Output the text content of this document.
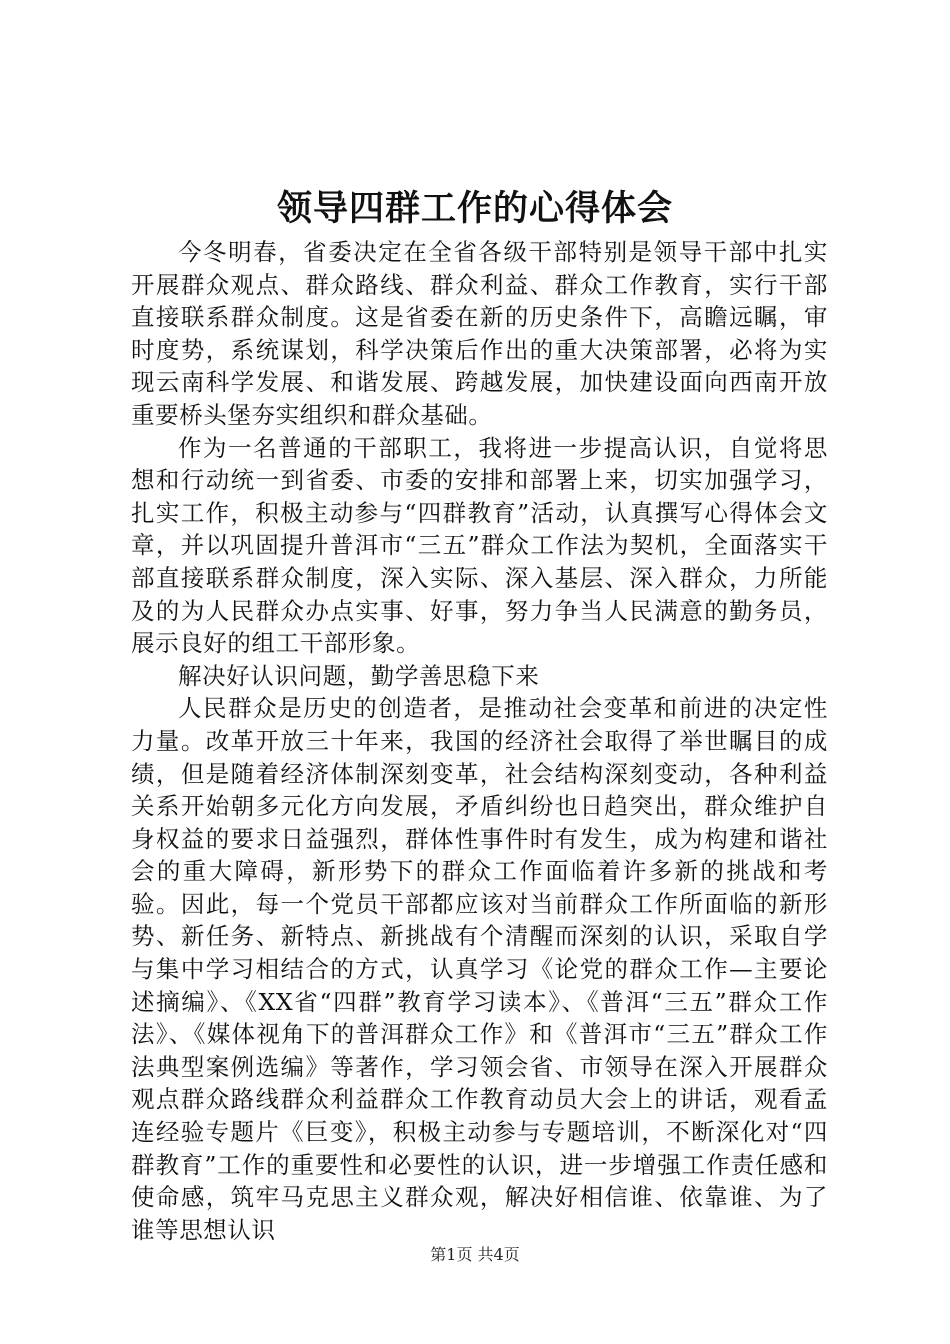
领导四群工作的心得体会

今冬明春，省委决定在全省各级干部特别是领导干部中扎实开展群众观点、群众路线、群众利益、群众工作教育，实行干部直接联系群众制度。这是省委在新的历史条件下，高瞻远瞩，审时度势，系统谋划，科学决策后作出的重大决策部署，必将为实现云南科学发展、和谐发展、跨越发展，加快建设面向西南开放重要桥头堡夯实组织和群众基础。

作为一名普通的干部职工，我将进一步提高认识，自觉将思想和行动统一到省委、市委的安排和部署上来，切实加强学习，扎实工作，积极主动参与“四群教育”活动，认真撰写心得体会文章，并以巩固提升普洱市“三五”群众工作法为契机，全面落实干部直接联系群众制度，深入实际、深入基层、深入群众，力所能及的为人民群众办点实事、好事，努力争当人民满意的勤务员，展示良好的组工干部形象。

解决好认识问题，勤学善思稳下来

人民群众是历史的创造者，是推动社会变革和前进的决定性力量。改革开放三十年来，我国的经济社会取得了举世瞩目的成绩，但是随着经济体制深刻变革，社会结构深刻变动，各种利益关系开始朝多元化方向发展，矛盾纠纷也日趋突出，群众维护自身权益的要求日益强烈，群体性事件时有发生，成为构建和谐社会的重大障碍，新形势下的群众工作面临着许多新的挑战和考验。因此，每一个党员干部都应该对当前群众工作所面临的新形势、新任务、新特点、新挑战有个清醒而深刻的认识，采取自学与集中学习相结合的方式，认真学习《论党的群众工作—主要论述摘编》、《XX省“四群”教育学习读本》、《普洱“三五”群众工作法》、《媒体视角下的普洱群众工作》和《普洱市“三五”群众工作法典型案例选编》等著作，学习领会省、市领导在深入开展群众观点群众路线群众利益群众工作教育动员大会上的讲话，观看孟连经验专题片《巨变》，积极主动参与专题培训，不断深化对“四群教育”工作的重要性和必要性的认识，进一步增强工作责任感和使命感，筑牢马克思主义群众观，解决好相信谁、依靠谁、为了谁等思想认识

第1页 共4页
